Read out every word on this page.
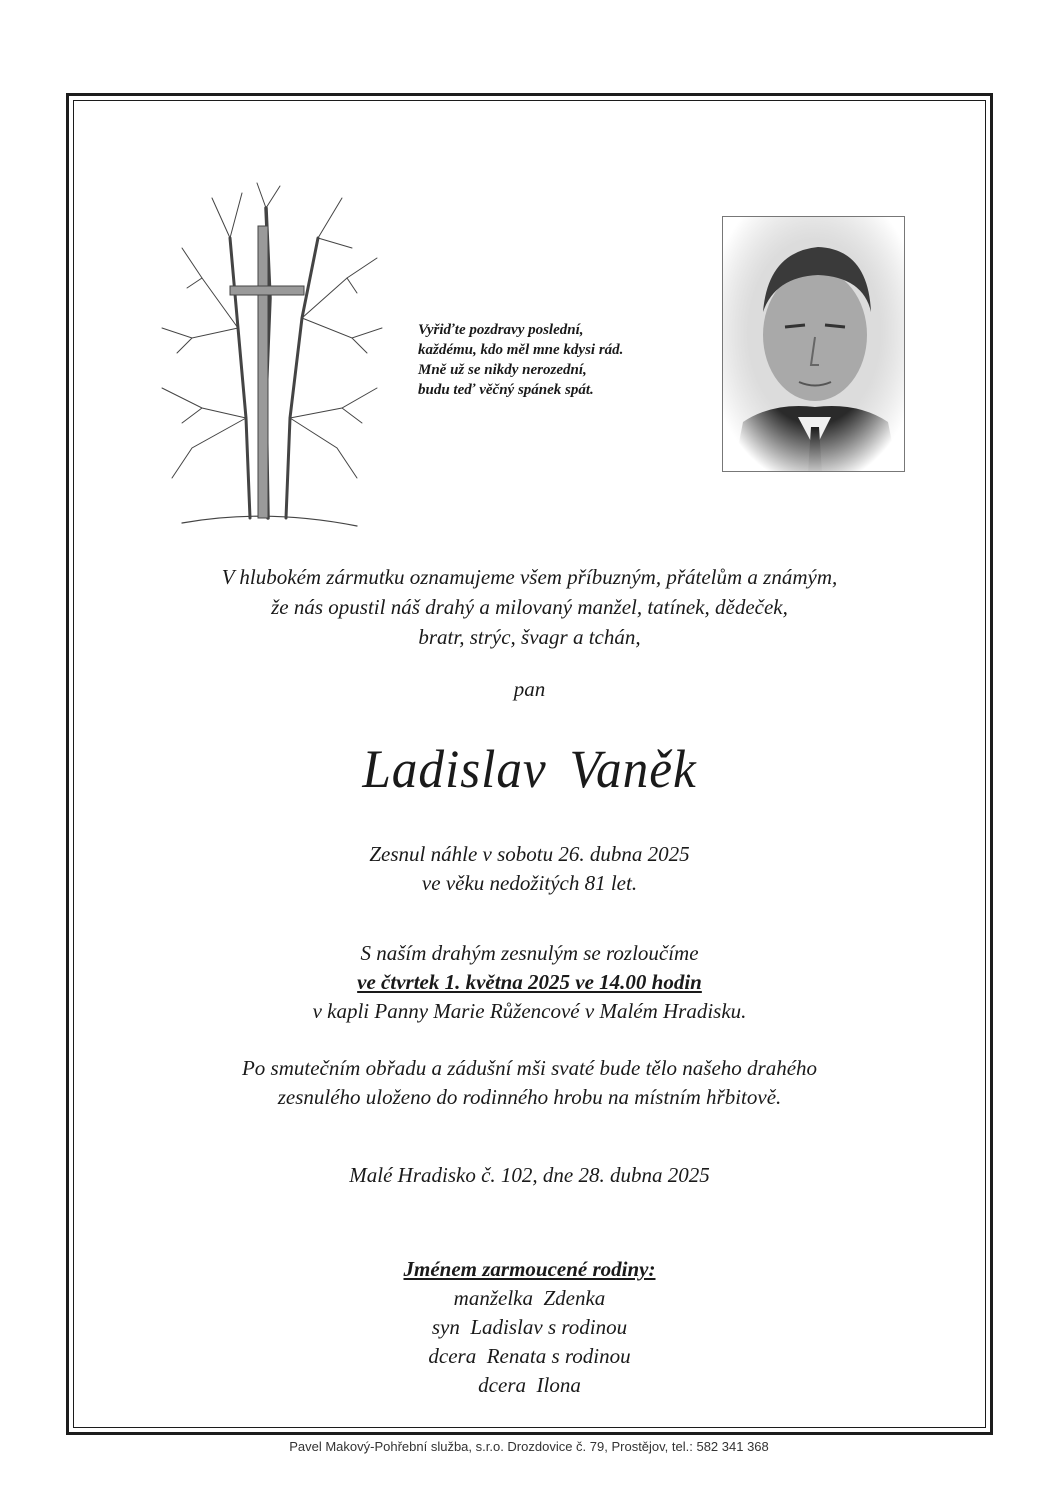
Vyřiďte pozdravy poslední,
každému, kdo měl mne kdysi rád.
Mně už se nikdy nerozední,
budu teď věčný spánek spát.
V hlubokém zármutku oznamujeme všem příbuzným, přátelům a známým,
že nás opustil náš drahý a milovaný manžel, tatínek, dědeček,
bratr, strýc, švagr a tchán,
pan
Ladislav Vaněk
Zesnul náhle v sobotu 26. dubna 2025
ve věku nedožitých 81 let.
S naším drahým zesnulým se rozloučíme
ve čtvrtek 1. května 2025 ve 14.00 hodin
v kapli Panny Marie Růžencové v Malém Hradisku.
Po smutečním obřadu a zádušní mši svaté bude tělo našeho drahého
zesnulého uloženo do rodinného hrobu na místním hřbitově.
Malé Hradisko č. 102, dne 28. dubna 2025
Jménem zarmoucené rodiny:
manželka  Zdenka
syn  Ladislav s rodinou
dcera  Renata s rodinou
dcera  Ilona
Pavel Makový-Pohřební služba, s.r.o. Drozdovice č. 79, Prostějov, tel.: 582 341 368
